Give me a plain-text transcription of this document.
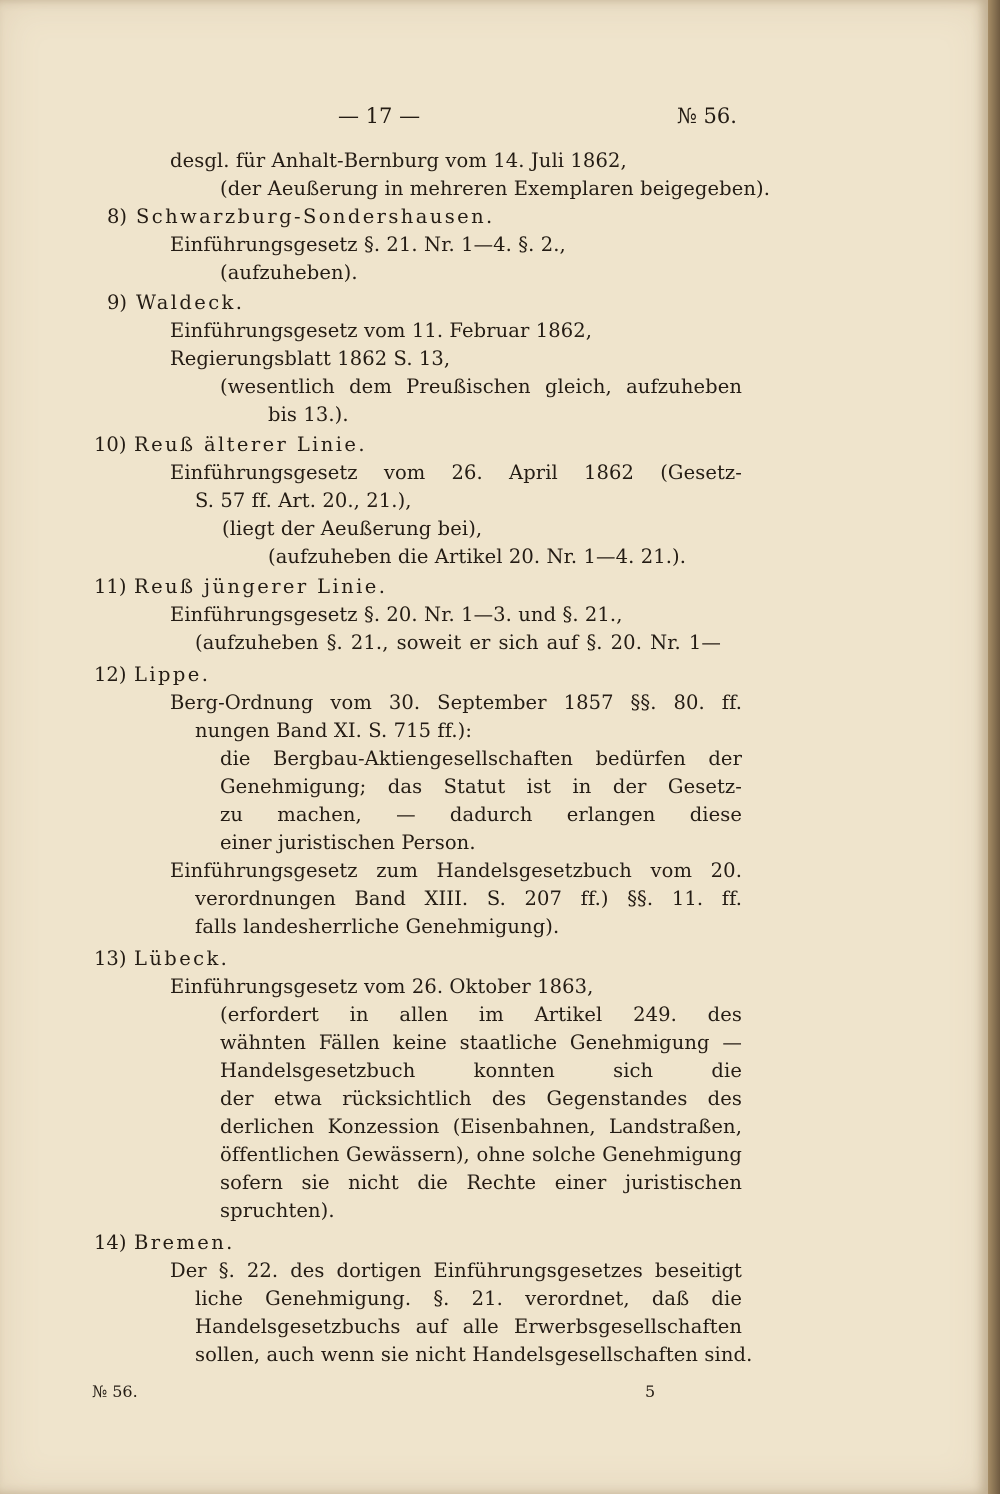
— 17 —	№ 56.
desgl. für Anhalt-Bernburg vom 14. Juli 1862,
(der Aeußerung in mehreren Exemplaren beigegeben).
8) Schwarzburg-Sondershausen.
Einführungsgesetz §. 21. Nr. 1—4. §. 2.,
(aufzuheben).
9) Waldeck.
Einführungsgesetz vom 11. Februar 1862,
Regierungsblatt 1862 S. 13,
(wesentlich dem Preußischen gleich, aufzuheben
bis 13.).
10) Reuß älterer Linie.
Einführungsgesetz vom 26. April 1862 (Gesetz-
S. 57 ff. Art. 20., 21.),
(liegt der Aeußerung bei),
(aufzuheben die Artikel 20. Nr. 1—4. 21.).
11) Reuß jüngerer Linie.
Einführungsgesetz §. 20. Nr. 1—3. und §. 21.,
(aufzuheben §. 21., soweit er sich auf §. 20. Nr. 1—
12) Lippe.
Berg-Ordnung vom 30. September 1857 §§. 80. ff.
nungen Band XI. S. 715 ff.):
die Bergbau-Aktiengesellschaften bedürfen der
Genehmigung; das Statut ist in der Gesetz-
zu machen, — dadurch erlangen diese
einer juristischen Person.
Einführungsgesetz zum Handelsgesetzbuch vom 20.
verordnungen Band XIII. S. 207 ff.) §§. 11. ff.
falls landesherrliche Genehmigung).
13) Lübeck.
Einführungsgesetz vom 26. Oktober 1863,
(erfordert in allen im Artikel 249. des
wähnten Fällen keine staatliche Genehmigung —
Handelsgesetzbuch konnten sich die
der etwa rücksichtlich des Gegenstandes des
derlichen Konzession (Eisenbahnen, Landstraßen,
öffentlichen Gewässern), ohne solche Genehmigung
sofern sie nicht die Rechte einer juristischen
spruchten).
14) Bremen.
Der §. 22. des dortigen Einführungsgesetzes beseitigt
liche Genehmigung. §. 21. verordnet, daß die
Handelsgesetzbuchs auf alle Erwerbsgesellschaften
sollen, auch wenn sie nicht Handelsgesellschaften sind.
№ 56.	5
